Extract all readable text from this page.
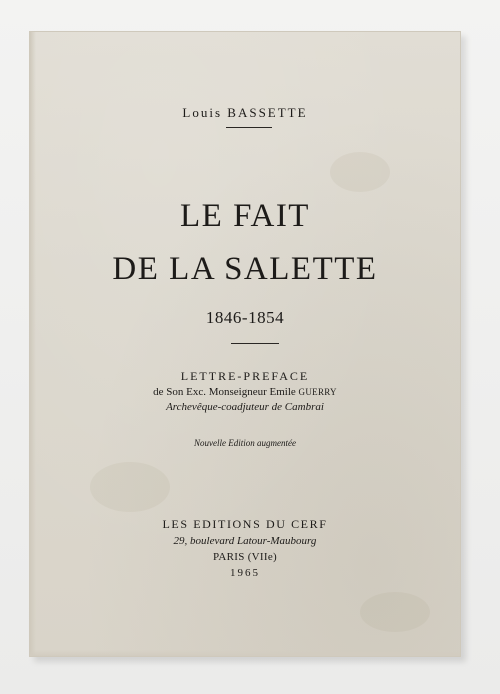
Louis BASSETTE
LE FAIT
DE LA SALETTE
1846-1854
LETTRE-PREFACE
de Son Exc. Monseigneur Emile GUERRY
Archevêque-coadjuteur de Cambrai
Nouvelle Edition augmentée
LES EDITIONS DU CERF
29, boulevard Latour-Maubourg
PARIS (VIIe)
1965
